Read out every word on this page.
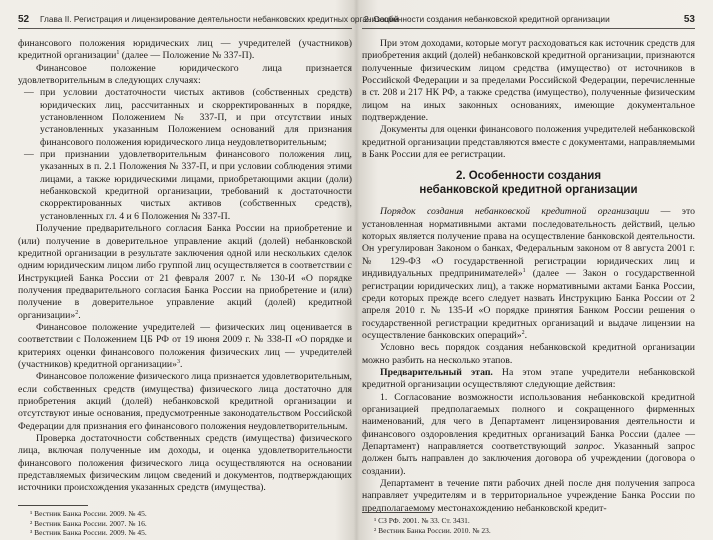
52 Глава II. Регистрация и лицензирование деятельности небанковских кредитных организаций

финансового положения юридических лиц — учредителей (участников) кредитной организации$^1$ (далее — Положение № 337-П).

Финансовое положение юридического лица признается удовлетворительным в следующих случаях:

— при условии достаточности чистых активов (собственных средств) юридических лиц, рассчитанных и скорректированных в порядке, установленном Положением № 337-П, и при отсутствии иных установленных указанным Положением оснований для признания финансового положения юридического лица неудовлетворительным;
— при признании удовлетворительным финансового положения лиц, указанных в п. 2.1 Положения № 337-П, и при условии соблюдения этими лицами, а также юридическими лицами, приобретающими акции (доли) небанковской кредитной организации, требований к достаточности скорректированных чистых активов (собственных средств), установленных гл. 4 и 6 Положения № 337-П.

Получение предварительного согласия Банка России на приобретение и (или) получение в доверительное управление акций (долей) небанковской кредитной организации в результате заключения одной или нескольких сделок одним юридическим лицом либо группой лиц осуществляется в соответствии с Инструкцией Банка России от 21 февраля 2007 г. № 130-И «О порядке получения предварительного согласия Банка России на приобретение и (или) получение в доверительное управление акций (долей) кредитной организации»$^2$.

Финансовое положение учредителей — физических лиц оценивается в соответствии с Положением ЦБ РФ от 19 июня 2009 г. № 338-П «О порядке и критериях оценки финансового положения физических лиц — учредителей (участников) кредитной организации»$^3$.

Финансовое положение физического лица признается удовлетворительным, если собственных средств (имущества) физического лица достаточно для приобретения акций (долей) небанковской кредитной организации и отсутствуют иные основания, предусмотренные законодательством Российской Федерации для признания его финансового положения неудовлетворительным.

Проверка достаточности собственных средств (имущества) физического лица, включая полученные им доходы, и оценка удовлетворительности финансового положения физического лица осуществляются на основании представляемых физическим лицом сведений и документов, подтверждающих источники происхождения указанных средств (имущества).

¹ Вестник Банка России. 2009. № 45.
² Вестник Банка России. 2007. № 16.
³ Вестник Банка России. 2009. № 45.
2. Особенности создания небанковской кредитной организации	53

При этом доходами, которые могут расходоваться как источник средств для приобретения акций (долей) небанковской кредитной организации, признаются полученные физическим лицом средства (имущество) от источников в Российской Федерации и за пределами Российской Федерации, перечисленные в ст. 208 и 217 НК РФ, а также средства (имущество), полученные физическим лицом на иных законных основаниях, имеющие документальное подтверждение.

Документы для оценки финансового положения учредителей небанковской кредитной организации представляются вместе с документами, направляемыми в Банк России для ее регистрации.

2. Особенности создания
небанковской кредитной организации

Порядок создания небанковской кредитной организации — это установленная нормативными актами последовательность действий, целью которых является получение права на осуществление банковской деятельности. Он урегулирован Законом о банках, Федеральным законом от 8 августа 2001 г. № 129-ФЗ «О государственной регистрации юридических лиц и индивидуальных предпринимателей»$^1$ (далее — Закон о государственной регистрации юридических лиц), а также нормативными актами Банка России, среди которых прежде всего следует назвать Инструкцию Банка России от 2 апреля 2010 г. № 135-И «О порядке принятия Банком России решения о государственной регистрации кредитных организаций и выдаче лицензии на осуществление банковских операций»$^2$.

Условно весь порядок создания небанковской кредитной организации можно разбить на несколько этапов.

Предварительный этап. На этом этапе учредители небанковской кредитной организации осуществляют следующие действия:

1. Согласование возможности использования небанковской кредитной организацией предполагаемых полного и сокращенного фирменных наименований, для чего в Департамент лицензирования деятельности и финансового оздоровления кредитных организаций Банка России (далее — Департамент) направляется соответствующий запрос. Указанный запрос должен быть направлен до заключения договора об учреждении (договора о создании).

Департамент в течение пяти рабочих дней после дня получения запроса направляет учредителям и в территориальное учреждение Банка России по предполагаемому местонахождению небанковской кредит-

¹ СЗ РФ. 2001. № 33. Ст. 3431.
² Вестник Банка России. 2010. № 23.
